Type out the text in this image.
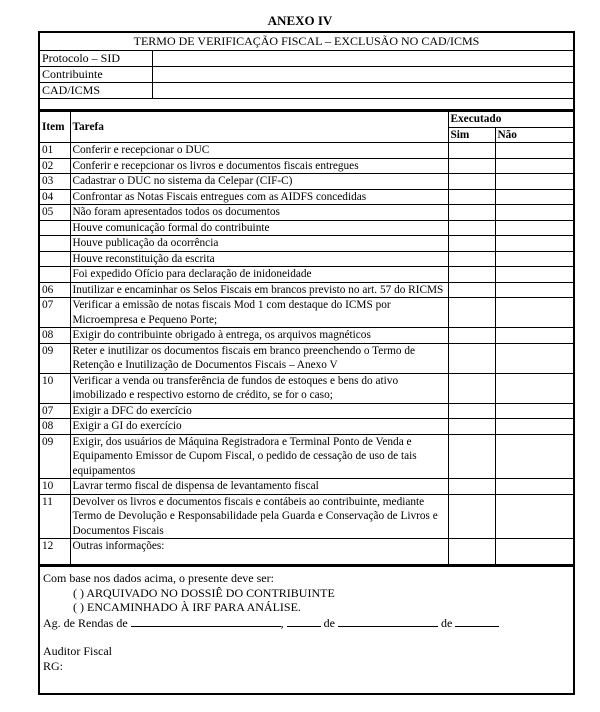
ANEXO IV
TERMO DE VERIFICAÇÃO FISCAL – EXCLUSÃO NO CAD/ICMS
Protocolo – SID	
Contribuinte	
CAD/ICMS	
Item	Tarefa	Executado	
		Sim	Não
01	Conferir e recepcionar o DUC		
02	Conferir e recepcionar os livros e documentos fiscais entregues		
03	Cadastrar o DUC no sistema da Celepar (CIF-C)		
04	Confrontar as Notas Fiscais entregues com as AIDFS concedidas		
05	Não foram apresentados todos os documentos		
	Houve comunicação formal do contribuinte		
	Houve publicação da ocorrência		
	Houve reconstituição da escrita		
	Foi expedido Ofício para declaração de inidoneidade		
06	Inutilizar e encaminhar os Selos Fiscais em brancos previsto no art. 57 do RICMS		
07	Verificar a emissão de notas fiscais Mod 1 com destaque do ICMS por Microempresa e Pequeno Porte;		
08	Exigir do contribuinte obrigado à entrega, os arquivos magnéticos		
09	Reter e inutilizar os documentos fiscais em branco preenchendo o Termo de Retenção e Inutilização de Documentos Fiscais – Anexo V		
10	Verificar a venda ou transferência de fundos de estoques e bens do ativo imobilizado e respectivo estorno de crédito, se for o caso;		
07	Exigir a DFC do exercício		
08	Exigir a GI do exercício		
09	Exigir, dos usuários de Máquina Registradora e Terminal Ponto de Venda e Equipamento Emissor de Cupom Fiscal, o pedido de cessação de uso de tais equipamentos		
10	Lavrar termo fiscal de dispensa de levantamento fiscal		
11	Devolver os livros e documentos fiscais e contábeis ao contribuinte, mediante Termo de Devolução e Responsabilidade pela Guarda e Conservação de Livros e Documentos Fiscais		
12	Outras informações:		
Com base nos dados acima, o presente deve ser:
( ) ARQUIVADO NO DOSSIÊ DO CONTRIBUINTE
( ) ENCAMINHADO À IRF PARA ANÁLISE.
Ag. de Rendas de	,	de	de
Auditor Fiscal
RG:
